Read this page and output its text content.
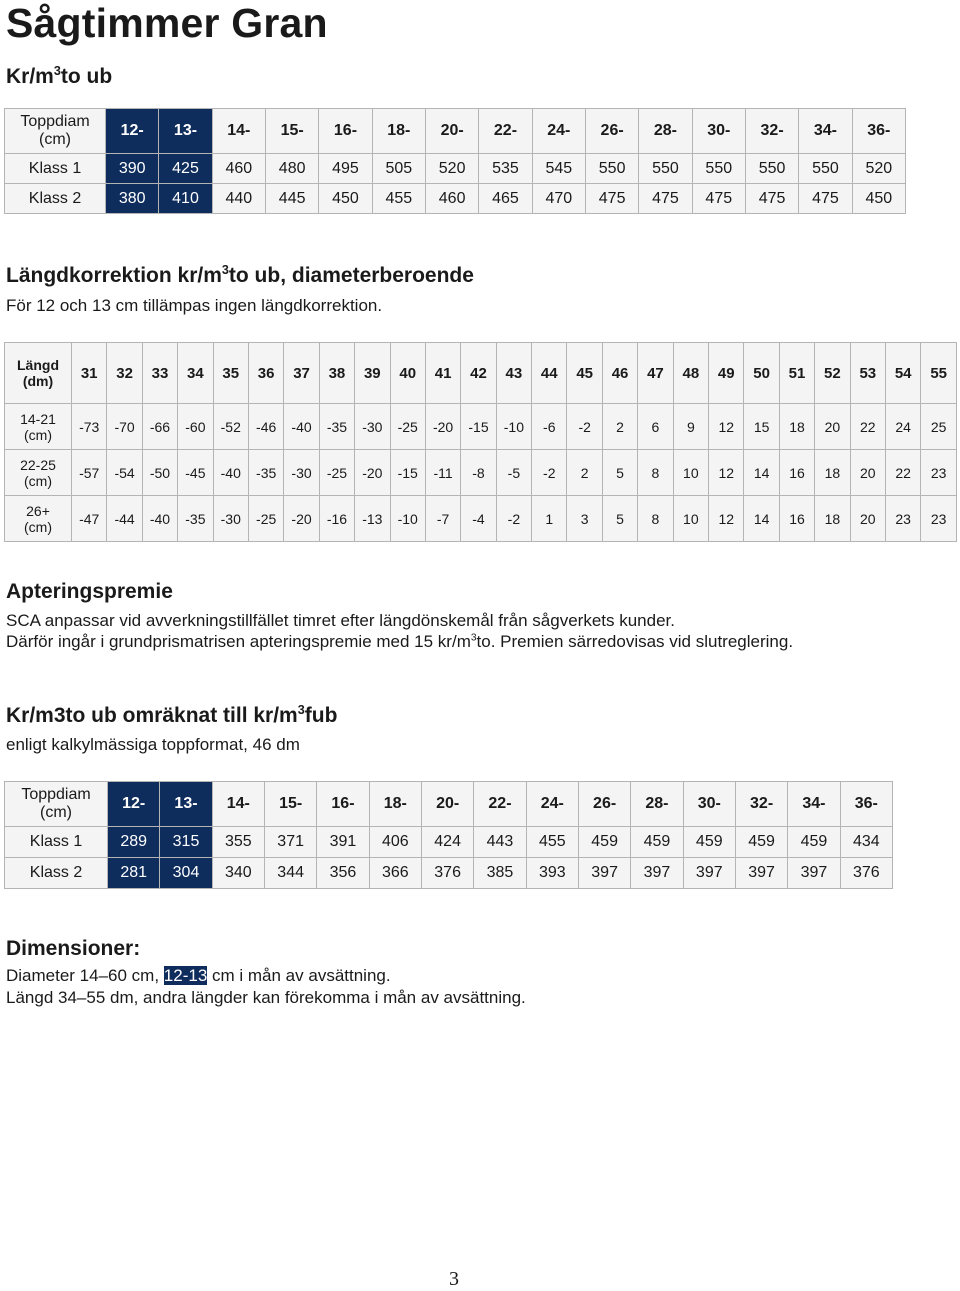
Sågtimmer Gran
$Kr/m^3to$ ub
Toppdiam
(cm)	12-	13-	14-	15-	16-	18-	20-	22-	24-	26-	28-	30-	32-	34-	36-
Klass 1	390	425	460	480	495	505	520	535	545	550	550	550	550	550	520
Klass 2	380	410	440	445	450	455	460	465	470	475	475	475	475	475	450
Längdkorrektion $kr/m^3to$ ub, diameterberoende
För 12 och 13 cm tillämpas ingen längdkorrektion.
Längd
(dm)	31	32	33	34	35	36	37	38	39	40	41	42	43	44	45	46	47	48	49	50	51	52	53	54	55
14-21
(cm)	-73	-70	-66	-60	-52	-46	-40	-35	-30	-25	-20	-15	-10	-6	-2	2	6	9	12	15	18	20	22	24	25
22-25
(cm)	-57	-54	-50	-45	-40	-35	-30	-25	-20	-15	-11	-8	-5	-2	2	5	8	10	12	14	16	18	20	22	23
26+
(cm)	-47	-44	-40	-35	-30	-25	-20	-16	-13	-10	-7	-4	-2	1	3	5	8	10	12	14	16	18	20	23	23
Apteringspremie
SCA anpassar vid avverkningstillfället timret efter längdönskemål från sågverkets kunder.
Därför ingår i grundprismatrisen apteringspremie med 15 $kr/m^3to$. Premien särredovisas vid slutreglering.
Kr/m3to ub omräknat till $kr/m^3fub$
enligt kalkylmässiga toppformat, 46 dm
Toppdiam
(cm)	12-	13-	14-	15-	16-	18-	20-	22-	24-	26-	28-	30-	32-	34-	36-
Klass 1	289	315	355	371	391	406	424	443	455	459	459	459	459	459	434
Klass 2	281	304	340	344	356	366	376	385	393	397	397	397	397	397	376
Dimensioner:
Diameter 14–60 cm, 12-13 cm i mån av avsättning.
Längd 34–55 dm, andra längder kan förekomma i mån av avsättning.
3
